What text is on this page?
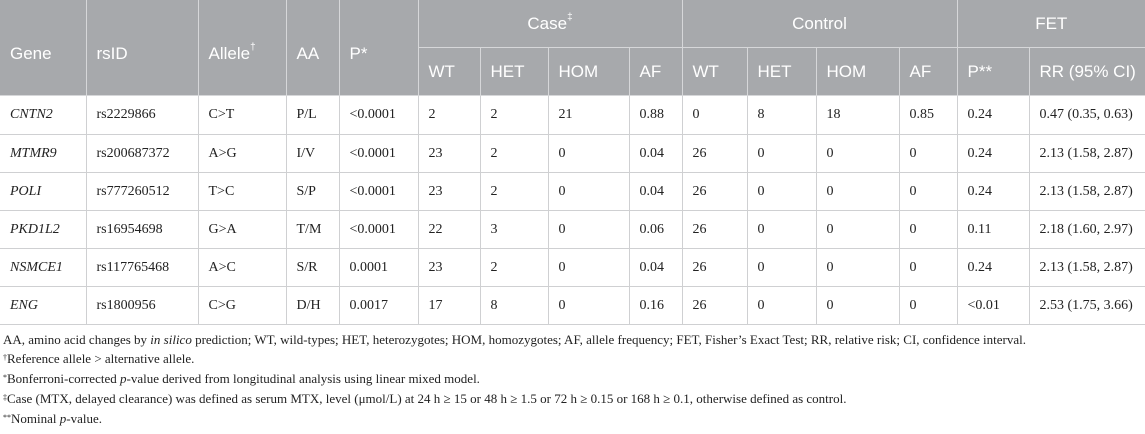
Gene	rsID	Allele†	AA	P*	Case‡				Control				FET	
					WT	HET	HOM	AF	WT	HET	HOM	AF	P**	RR (95% CI)
CNTN2	rs2229866	C>T	P/L	<0.0001	2	2	21	0.88	0	8	18	0.85	0.24	0.47 (0.35, 0.63)
MTMR9	rs200687372	A>G	I/V	<0.0001	23	2	0	0.04	26	0	0	0	0.24	2.13 (1.58, 2.87)
POLI	rs777260512	T>C	S/P	<0.0001	23	2	0	0.04	26	0	0	0	0.24	2.13 (1.58, 2.87)
PKD1L2	rs16954698	G>A	T/M	<0.0001	22	3	0	0.06	26	0	0	0	0.11	2.18 (1.60, 2.97)
NSMCE1	rs117765468	A>C	S/R	0.0001	23	2	0	0.04	26	0	0	0	0.24	2.13 (1.58, 2.87)
ENG	rs1800956	C>G	D/H	0.0017	17	8	0	0.16	26	0	0	0	<0.01	2.53 (1.75, 3.66)
AA, amino acid changes by in silico prediction; WT, wild-types; HET, heterozygotes; HOM, homozygotes; AF, allele frequency; FET, Fisher’s Exact Test; RR, relative risk; CI, confidence interval.
†Reference allele > alternative allele.
*Bonferroni-corrected p-value derived from longitudinal analysis using linear mixed model.
‡Case (MTX, delayed clearance) was defined as serum MTX, level (μmol/L) at 24 h ≥ 15 or 48 h ≥ 1.5 or 72 h ≥ 0.15 or 168 h ≥ 0.1, otherwise defined as control.
**Nominal p-value.
